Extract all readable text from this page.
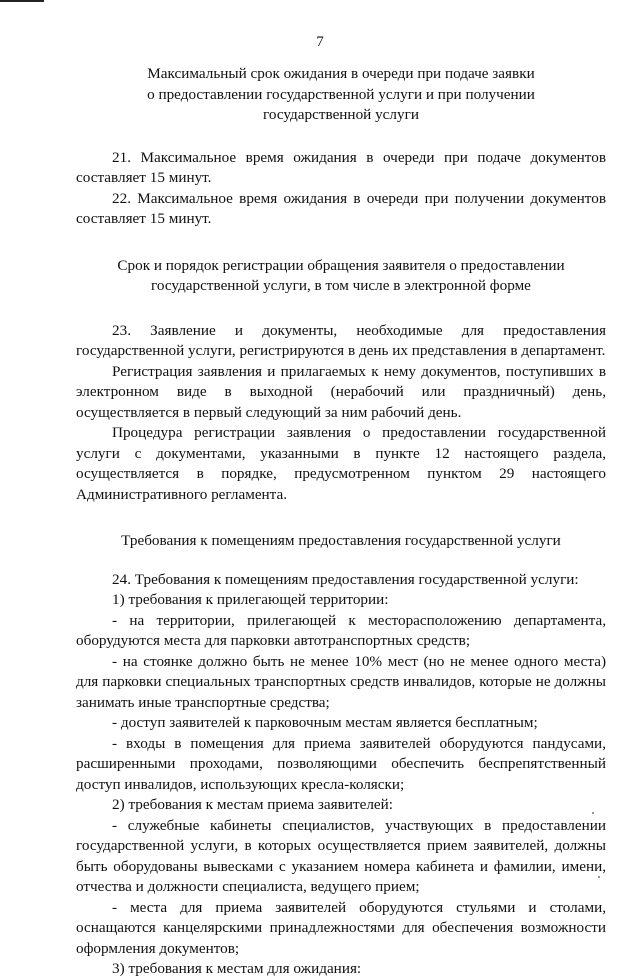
7
Максимальный срок ожидания в очереди при подаче заявки
о предоставлении государственной услуги и при получении
государственной услуги

21. Максимальное время ожидания в очереди при подаче документов составляет 15 минут.

22. Максимальное время ожидания в очереди при получении документов составляет 15 минут.

Срок и порядок регистрации обращения заявителя о предоставлении
государственной услуги, в том числе в электронной форме

23. Заявление и документы, необходимые для предоставления государственной услуги, регистрируются в день их представления в департамент.

Регистрация заявления и прилагаемых к нему документов, поступивших в электронном виде в выходной (нерабочий или праздничный) день, осуществляется в первый следующий за ним рабочий день.

Процедура регистрации заявления о предоставлении государственной услуги с документами, указанными в пункте 12 настоящего раздела, осуществляется в порядке, предусмотренном пунктом 29 настоящего Административного регламента.

Требования к помещениям предоставления государственной услуги

24. Требования к помещениям предоставления государственной услуги:

1) требования к прилегающей территории:

- на территории, прилегающей к месторасположению департамента, оборудуются места для парковки автотранспортных средств;

- на стоянке должно быть не менее 10% мест (но не менее одного места) для парковки специальных транспортных средств инвалидов, которые не должны занимать иные транспортные средства;

- доступ заявителей к парковочным местам является бесплатным;

- входы в помещения для приема заявителей оборудуются пандусами, расширенными проходами, позволяющими обеспечить беспрепятственный доступ инвалидов, использующих кресла-коляски;

2) требования к местам приема заявителей:

- служебные кабинеты специалистов, участвующих в предоставлении государственной услуги, в которых осуществляется прием заявителей, должны быть оборудованы вывесками с указанием номера кабинета и фамилии, имени, отчества и должности специалиста, ведущего прием;

- места для приема заявителей оборудуются стульями и столами, оснащаются канцелярскими принадлежностями для обеспечения возможности оформления документов;

3) требования к местам для ожидания:
